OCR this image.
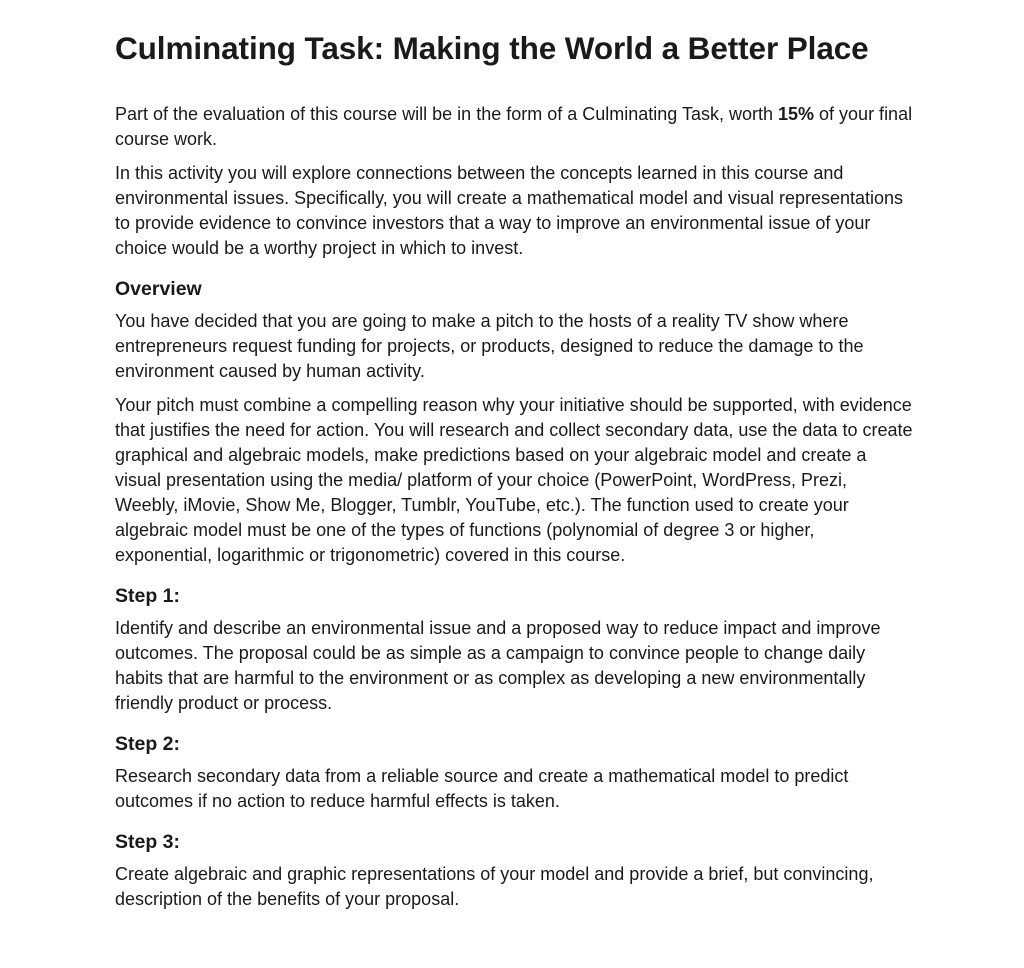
Culminating Task: Making the World a Better Place

Part of the evaluation of this course will be in the form of a Culminating Task, worth 15% of your final course work.

In this activity you will explore connections between the concepts learned in this course and environmental issues. Specifically, you will create a mathematical model and visual representations to provide evidence to convince investors that a way to improve an environmental issue of your choice would be a worthy project in which to invest.

Overview

You have decided that you are going to make a pitch to the hosts of a reality TV show where entrepreneurs request funding for projects, or products, designed to reduce the damage to the environment caused by human activity.

Your pitch must combine a compelling reason why your initiative should be supported, with evidence that justifies the need for action. You will research and collect secondary data, use the data to create graphical and algebraic models, make predictions based on your algebraic model and create a visual presentation using the media/ platform of your choice (PowerPoint, WordPress, Prezi, Weebly, iMovie, Show Me, Blogger, Tumblr, YouTube, etc.). The function used to create your algebraic model must be one of the types of functions (polynomial of degree 3 or higher, exponential, logarithmic or trigonometric) covered in this course.

Step 1:

Identify and describe an environmental issue and a proposed way to reduce impact and improve outcomes. The proposal could be as simple as a campaign to convince people to change daily habits that are harmful to the environment or as complex as developing a new environmentally friendly product or process.

Step 2:

Research secondary data from a reliable source and create a mathematical model to predict outcomes if no action to reduce harmful effects is taken.

Step 3:

Create algebraic and graphic representations of your model and provide a brief, but convincing, description of the benefits of your proposal.
